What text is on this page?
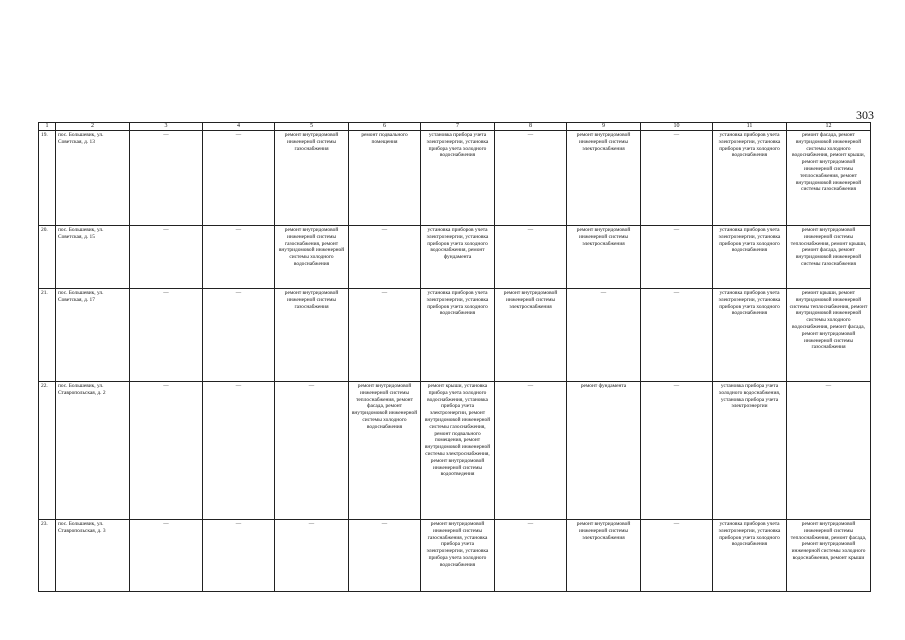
303
1	2	3	4	5	6	7	8	9	10	11	12
19.	пос. Большевик, ул. Советская, д. 13	—	—	ремонт внутридомовой инженерной системы газоснабжения	ремонт подвального помещения	установка прибора учета электроэнергии, установка прибора учета холодного водоснабжения	—	ремонт внутридомовой инженерной системы электроснабжения	—	установка приборов учета электроэнергии, установка приборов учета холодного водоснабжения	ремонт фасада, ремонт внутридомовой инженерной системы холодного водоснабжения, ремонт крыши, ремонт внутридомовой инженерной системы теплоснабжения, ремонт внутридомовой инженерной системы газоснабжения
20.	пос. Большевик, ул. Советская, д. 15	—	—	ремонт внутридомовой инженерной системы газоснабжения, ремонт внутридомовой инженерной системы холодного водоснабжения	—	установка приборов учета электроэнергии, установка приборов учета холодного водоснабжения, ремонт фундамента	—	ремонт внутридомовой инженерной системы электроснабжения	—	установка приборов учета электроэнергии, установка приборов учета холодного водоснабжения	ремонт внутридомовой инженерной системы теплоснабжения, ремонт крыши, ремонт фасада, ремонт внутридомовой инженерной системы газоснабжения
21.	пос. Большевик, ул. Советская, д. 17	—	—	ремонт внутридомовой инженерной системы газоснабжения	—	установка приборов учета электроэнергии, установка приборов учета холодного водоснабжения	ремонт внутридомовой инженерной системы электроснабжения	—	—	установка приборов учета электроэнергии, установка приборов учета холодного водоснабжения	ремонт крыши, ремонт внутридомовой инженерной системы теплоснабжения, ремонт внутридомовой инженерной системы холодного водоснабжения, ремонт фасада, ремонт внутридомовой инженерной системы газоснабжения
22.	пос. Большевик, ул. Ставропольская, д. 2	—	—	—	ремонт внутридомовой инженерной системы теплоснабжения, ремонт фасада, ремонт внутридомовой инженерной системы холодного водоснабжения	ремонт крыши, установка прибора учета холодного водоснабжения, установка прибора учета электроэнергии, ремонт внутридомовой инженерной системы газоснабжения, ремонт подвального помещения, ремонт внутридомовой инженерной системы электроснабжения, ремонт внутридомовой инженерной системы водоотведения	—	ремонт фундамента	—	установка прибора учета холодного водоснабжения, установка прибора учета электроэнергии	—
23.	пос. Большевик, ул. Ставропольская, д. 3	—	—	—	—	ремонт внутридомовой инженерной системы газоснабжения, установка прибора учета электроэнергии, установка прибора учета холодного водоснабжения	—	ремонт внутридомовой инженерной системы электроснабжения	—	установка приборов учета электроэнергии, установка приборов учета холодного водоснабжения	ремонт внутридомовой инженерной системы теплоснабжения, ремонт фасада, ремонт внутридомовой инженерной системы холодного водоснабжения, ремонт крыши
